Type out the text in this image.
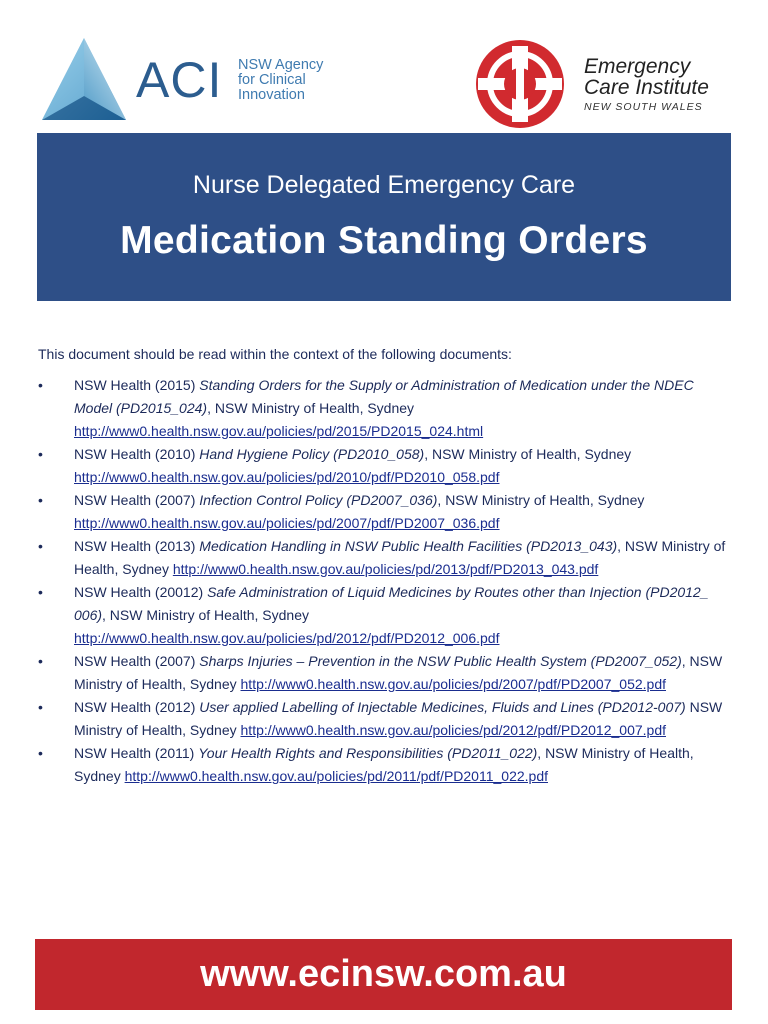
ACI NSW Agency
for Clinical
Innovation
Emergency
Care Institute
NEW SOUTH WALES
Nurse Delegated Emergency Care
Medication Standing Orders
This document should be read within the context of the following documents:
• NSW Health (2015) Standing Orders for the Supply or Administration of Medication under the NDEC Model (PD2015_024), NSW Ministry of Health, Sydney http://www0.health.nsw.gov.au/policies/pd/2015/PD2015_024.html
• NSW Health (2010) Hand Hygiene Policy (PD2010_058), NSW Ministry of Health, Sydney http://www0.health.nsw.gov.au/policies/pd/2010/pdf/PD2010_058.pdf
• NSW Health (2007) Infection Control Policy (PD2007_036), NSW Ministry of Health, Sydney http://www0.health.nsw.gov.au/policies/pd/2007/pdf/PD2007_036.pdf
• NSW Health (2013) Medication Handling in NSW Public Health Facilities (PD2013_043), NSW Ministry of Health, Sydney http://www0.health.nsw.gov.au/policies/pd/2013/pdf/PD2013_043.pdf
• NSW Health (20012) Safe Administration of Liquid Medicines by Routes other than Injection (PD2012_ 006), NSW Ministry of Health, Sydney http://www0.health.nsw.gov.au/policies/pd/2012/pdf/PD2012_006.pdf
• NSW Health (2007) Sharps Injuries – Prevention in the NSW Public Health System (PD2007_052), NSW Ministry of Health, Sydney http://www0.health.nsw.gov.au/policies/pd/2007/pdf/PD2007_052.pdf
• NSW Health (2012) User applied Labelling of Injectable Medicines, Fluids and Lines (PD2012-007) NSW Ministry of Health, Sydney http://www0.health.nsw.gov.au/policies/pd/2012/pdf/PD2012_007.pdf
• NSW Health (2011) Your Health Rights and Responsibilities (PD2011_022), NSW Ministry of Health, Sydney http://www0.health.nsw.gov.au/policies/pd/2011/pdf/PD2011_022.pdf
www.ecinsw.com.au
